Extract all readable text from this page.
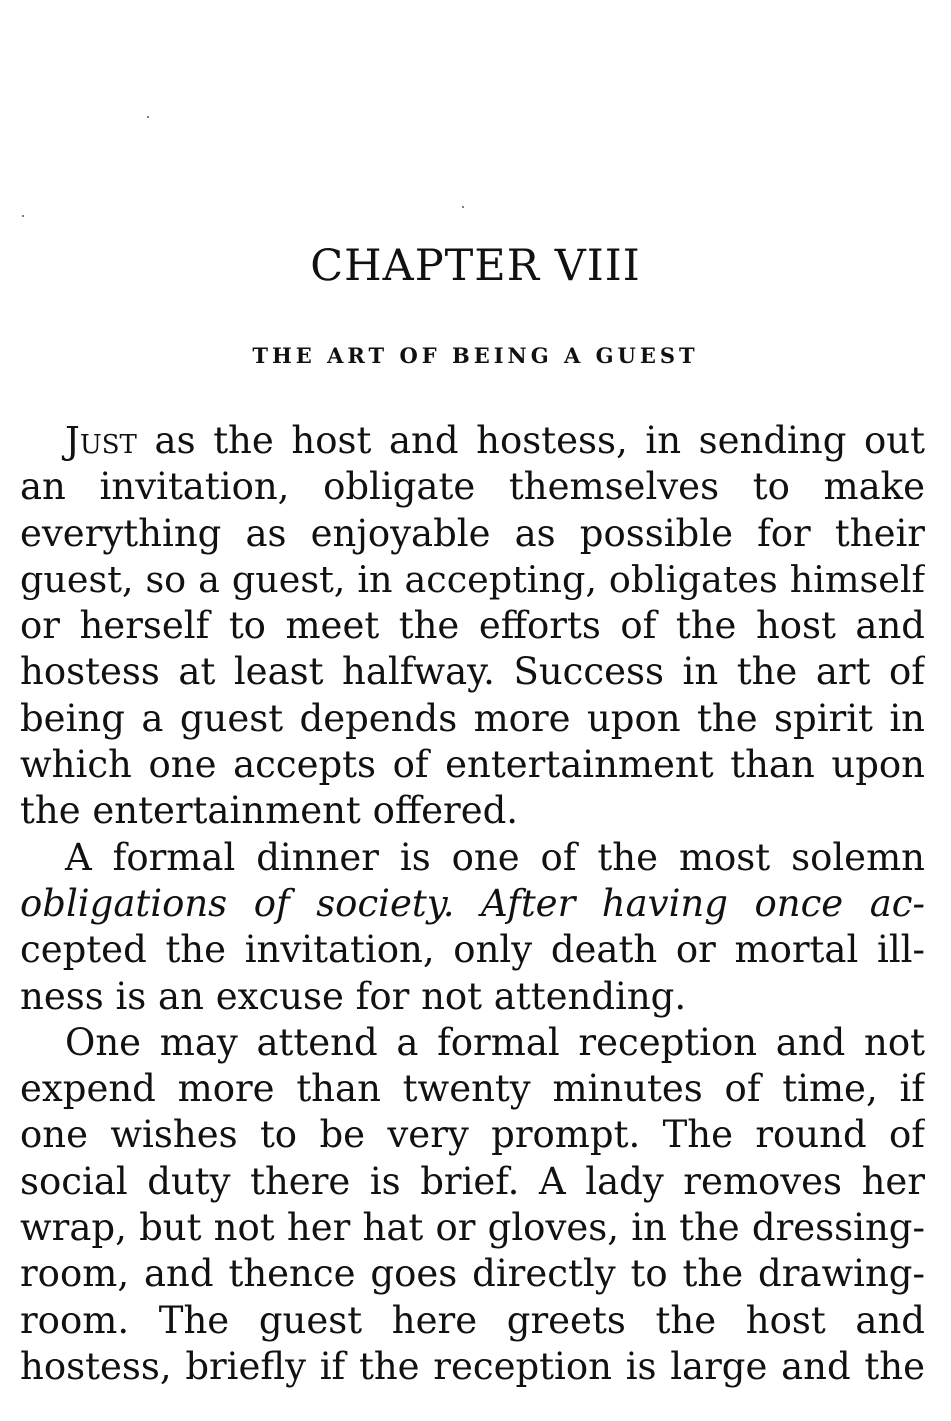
CHAPTER VIII
THE ART OF BEING A GUEST
Just as the host and hostess, in sending out
an invitation, obligate themselves to make
everything as enjoyable as possible for their
guest, so a guest, in accepting, obligates himself
or herself to meet the efforts of the host and
hostess at least halfway. Success in the art of
being a guest depends more upon the spirit in
which one accepts of entertainment than upon
the entertainment offered.
A formal dinner is one of the most solemn
obligations of society. After having once ac-
cepted the invitation, only death or mortal ill-
ness is an excuse for not attending.
One may attend a formal reception and not
expend more than twenty minutes of time, if
one wishes to be very prompt. The round of
social duty there is brief. A lady removes her
wrap, but not her hat or gloves, in the dressing-
room, and thence goes directly to the drawing-
room. The guest here greets the host and
hostess, briefly if the reception is large and the
